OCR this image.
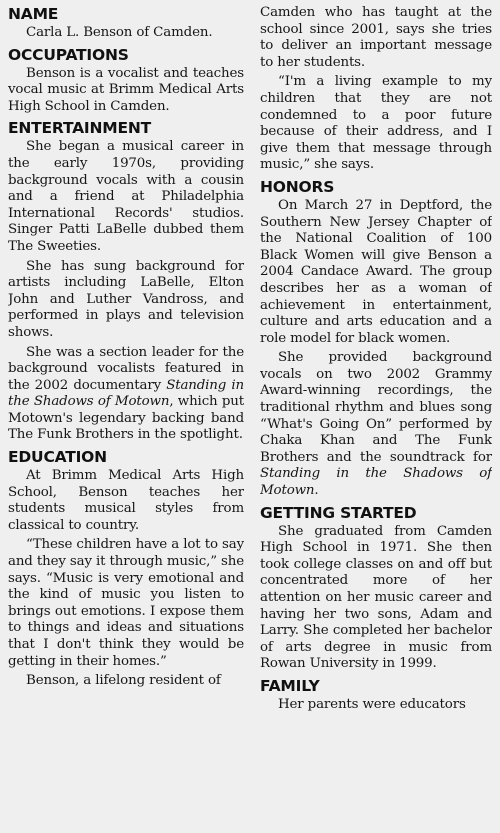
NAME

Carla L. Benson of Camden.

OCCUPATIONS

Benson is a vocalist and teaches vocal music at Brimm Medical Arts High School in Camden.

ENTERTAINMENT

She began a musical career in the early 1970s, providing background vocals with a cousin and a friend at Philadelphia International Records' studios. Singer Patti LaBelle dubbed them The Sweeties.

She has sung background for artists including LaBelle, Elton John and Luther Vandross, and performed in plays and television shows.

She was a section leader for the background vocalists featured in the 2002 documentary Standing in the Shadows of Motown, which put Motown's legendary backing band The Funk Brothers in the spotlight.

EDUCATION

At Brimm Medical Arts High School, Benson teaches her students musical styles from classical to country.

“These children have a lot to say and they say it through music,” she says. “Music is very emotional and the kind of music you listen to brings out emotions. I expose them to things and ideas and situations that I don't think they would be getting in their homes.”

Benson, a lifelong resident of

Camden who has taught at the school since 2001, says she tries to deliver an important message to her students.

“I'm a living example to my children that they are not condemned to a poor future because of their address, and I give them that message through music,” she says.

HONORS

On March 27 in Deptford, the Southern New Jersey Chapter of the National Coalition of 100 Black Women will give Benson a 2004 Candace Award. The group describes her as a woman of achievement in entertainment, culture and arts education and a role model for black women.

She provided background vocals on two 2002 Grammy Award-winning recordings, the traditional rhythm and blues song “What's Going On” performed by Chaka Khan and The Funk Brothers and the soundtrack for Standing in the Shadows of Motown.

GETTING STARTED

She graduated from Camden High School in 1971. She then took college classes on and off but concentrated more of her attention on her music career and having her two sons, Adam and Larry. She completed her bachelor of arts degree in music from Rowan University in 1999.

FAMILY

Her parents were educators
